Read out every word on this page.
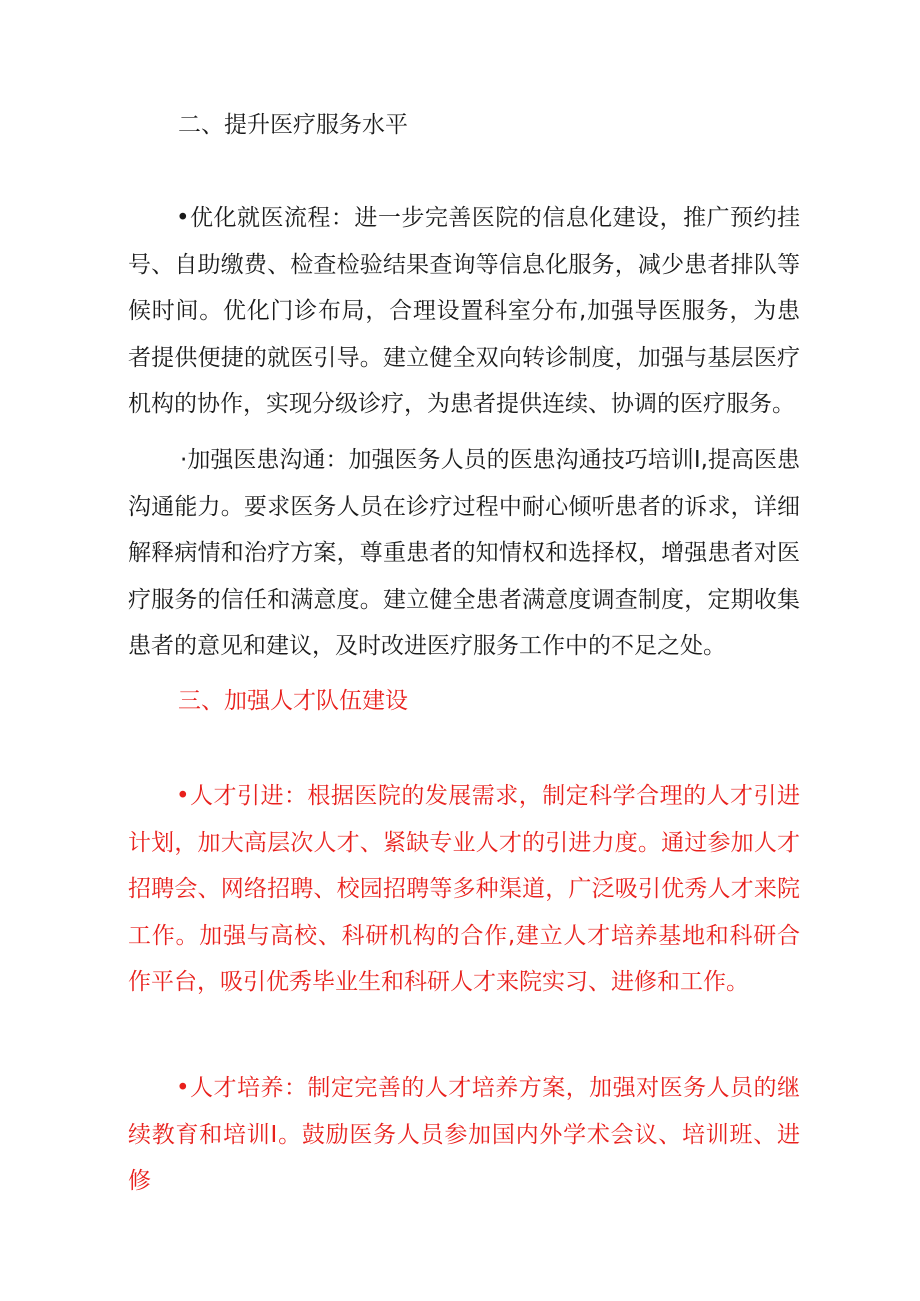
二、提升医疗服务水平

•优化就医流程：进一步完善医院的信息化建设，推广预约挂号、自助缴费、检查检验结果查询等信息化服务，减少患者排队等候时间。优化门诊布局，合理设置科室分布,加强导医服务，为患者提供便捷的就医引导。建立健全双向转诊制度，加强与基层医疗机构的协作，实现分级诊疗，为患者提供连续、协调的医疗服务。

·加强医患沟通：加强医务人员的医患沟通技巧培训I,提高医患沟通能力。要求医务人员在诊疗过程中耐心倾听患者的诉求，详细解释病情和治疗方案，尊重患者的知情权和选择权，增强患者对医疗服务的信任和满意度。建立健全患者满意度调查制度，定期收集患者的意见和建议，及时改进医疗服务工作中的不足之处。

三、加强人才队伍建设

•人才引进：根据医院的发展需求，制定科学合理的人才引进计划，加大高层次人才、紧缺专业人才的引进力度。通过参加人才招聘会、网络招聘、校园招聘等多种渠道，广泛吸引优秀人才来院工作。加强与高校、科研机构的合作,建立人才培养基地和科研合作平台，吸引优秀毕业生和科研人才来院实习、进修和工作。

•人才培养：制定完善的人才培养方案，加强对医务人员的继续教育和培训I。鼓励医务人员参加国内外学术会议、培训班、进修
